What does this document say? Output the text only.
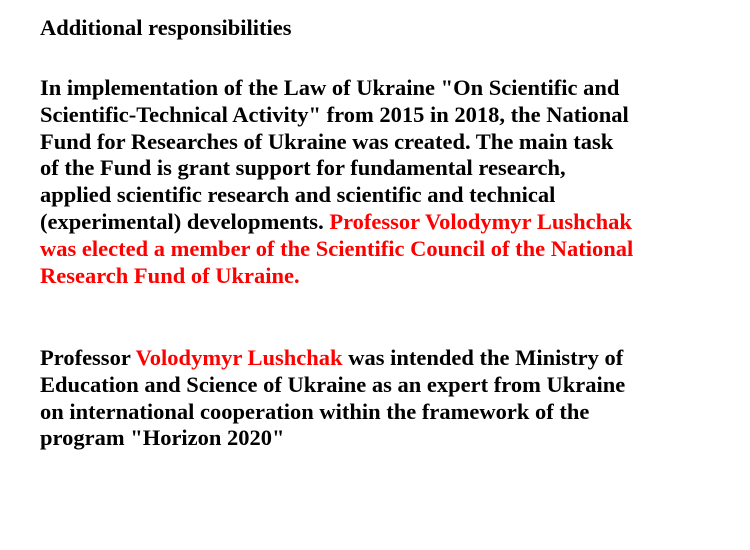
Additional responsibilities
In implementation of the Law of Ukraine "On Scientific and
Scientific-Technical Activity" from 2015 in 2018, the National
Fund for Researches of Ukraine was created. The main task
of the Fund is grant support for fundamental research,
applied scientific research and scientific and technical
(experimental) developments. Professor Volodymyr Lushchak
was elected a member of the Scientific Council of the National
Research Fund of Ukraine.
Professor Volodymyr Lushchak was intended the Ministry of
Education and Science of Ukraine as an expert from Ukraine
on international cooperation within the framework of the
program "Horizon 2020"
